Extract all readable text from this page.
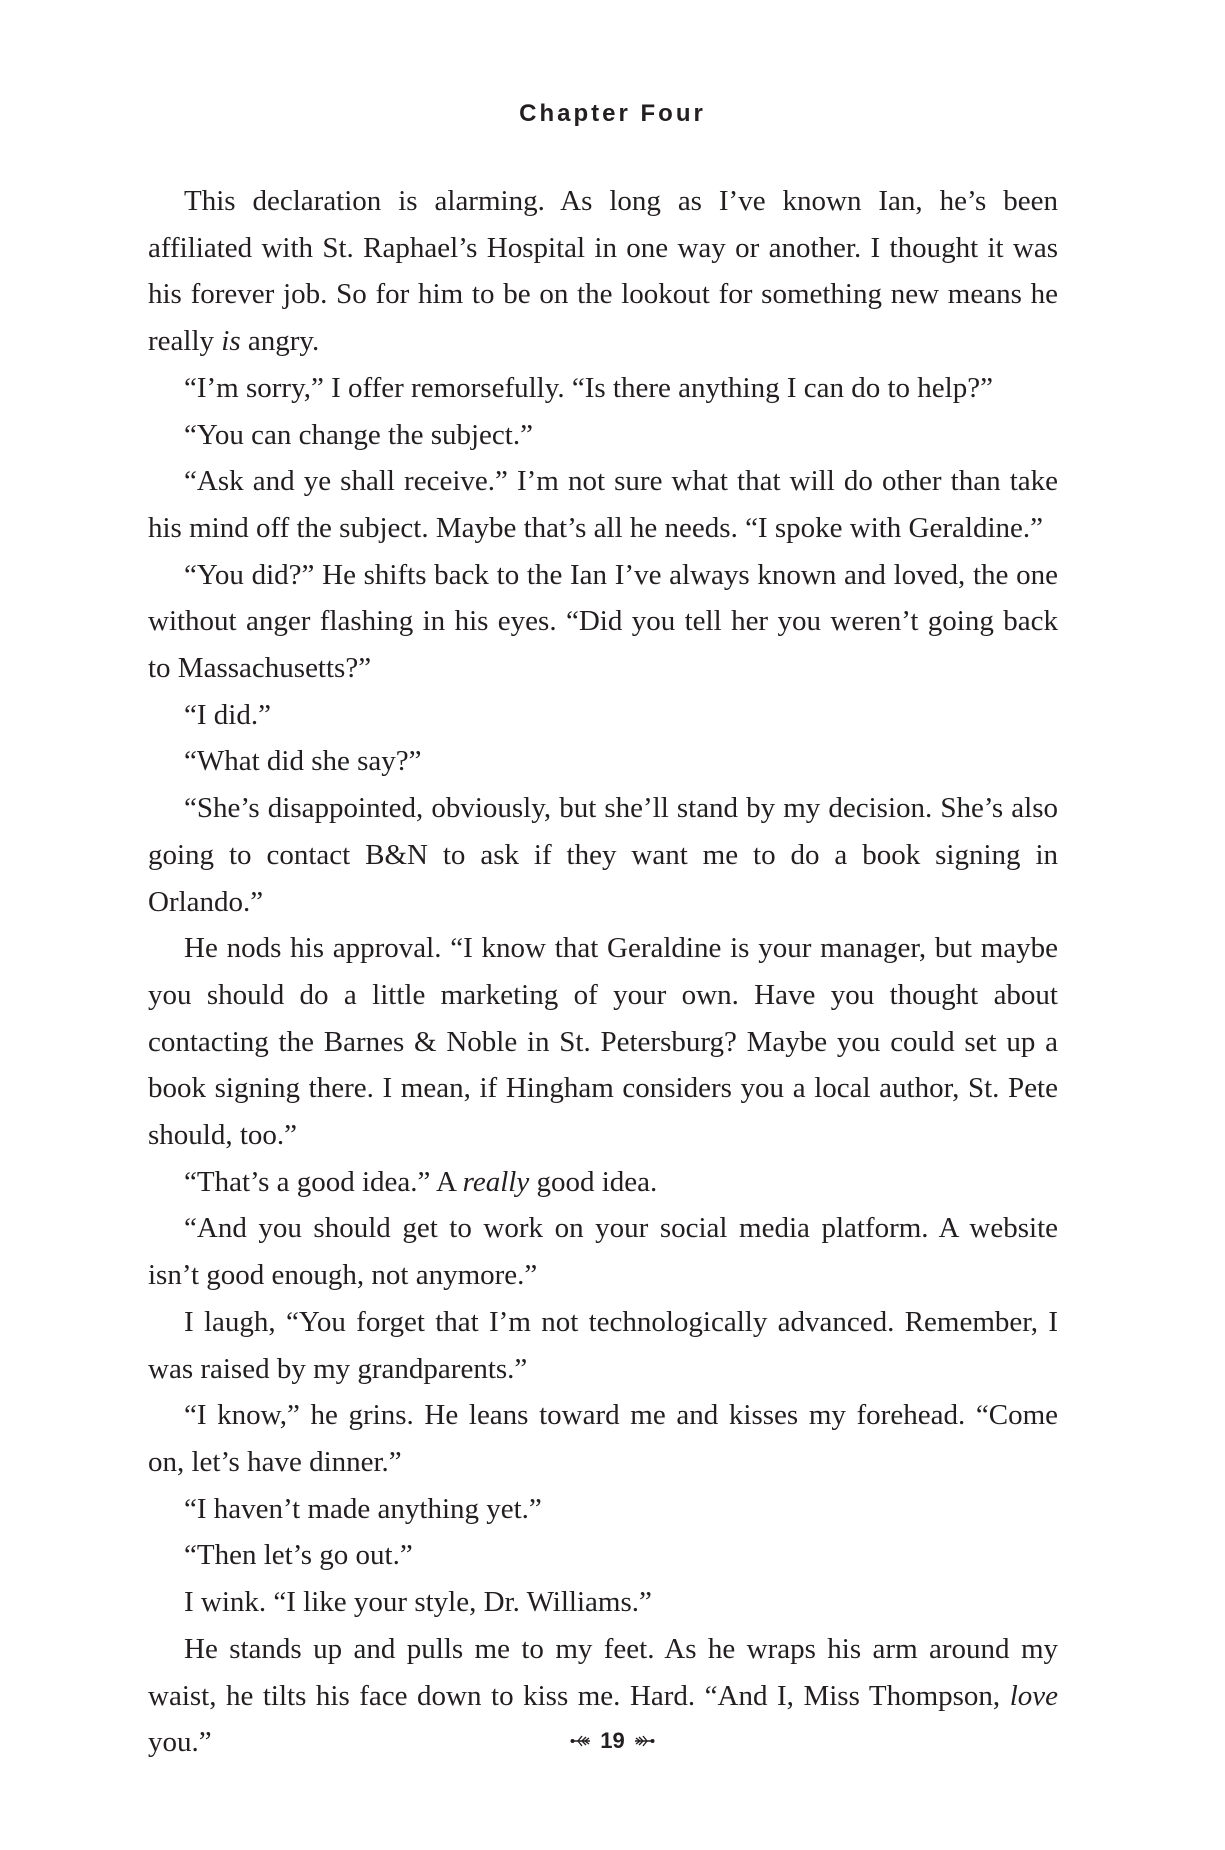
Chapter Four

This declaration is alarming. As long as I’ve known Ian, he’s been affiliated with St. Raphael’s Hospital in one way or another. I thought it was his forever job. So for him to be on the lookout for something new means he really is angry.

“I’m sorry,” I offer remorsefully. “Is there anything I can do to help?”

“You can change the subject.”

“Ask and ye shall receive.” I’m not sure what that will do other than take his mind off the subject. Maybe that’s all he needs. “I spoke with Geraldine.”

“You did?” He shifts back to the Ian I’ve always known and loved, the one without anger flashing in his eyes. “Did you tell her you weren’t going back to Massachusetts?”

“I did.”

“What did she say?”

“She’s disappointed, obviously, but she’ll stand by my decision. She’s also going to contact B&N to ask if they want me to do a book signing in Orlando.”

He nods his approval. “I know that Geraldine is your manager, but maybe you should do a little marketing of your own. Have you thought about contacting the Barnes & Noble in St. Petersburg? Maybe you could set up a book signing there. I mean, if Hingham considers you a local author, St. Pete should, too.”

“That’s a good idea.” A really good idea.

“And you should get to work on your social media platform. A website isn’t good enough, not anymore.”

I laugh, “You forget that I’m not technologically advanced. Remember, I was raised by my grandparents.”

“I know,” he grins. He leans toward me and kisses my forehead. “Come on, let’s have dinner.”

“I haven’t made anything yet.”

“Then let’s go out.”

I wink. “I like your style, Dr. Williams.”

He stands up and pulls me to my feet. As he wraps his arm around my waist, he tilts his face down to kiss me. Hard. “And I, Miss Thompson, love you.”	19
